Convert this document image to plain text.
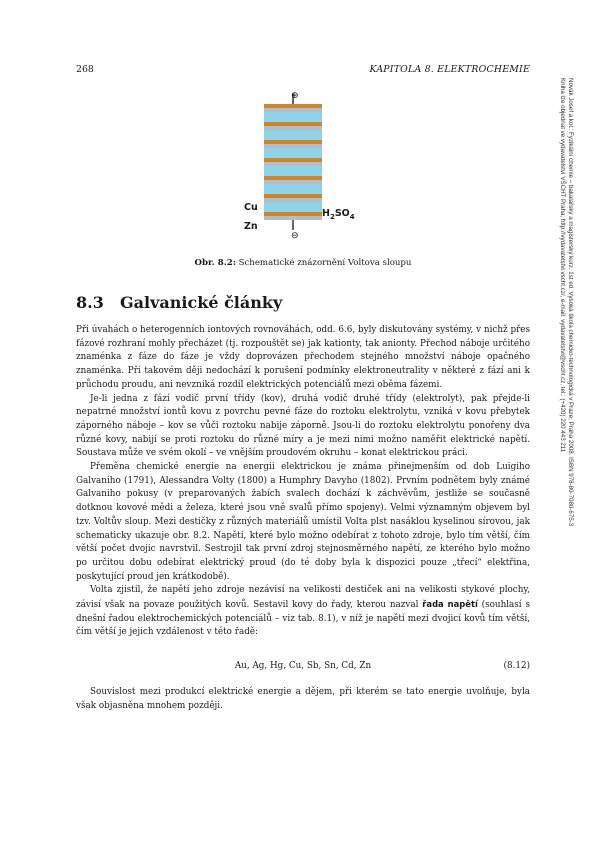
268	KAPITOLA 8. ELEKTROCHEMIE
Novák Josef a kol.: Fyzikální chemie – bakalářský a magisterský kurz. 1st ed. Vysoká škola chemicko-technologická v Praze, Praha 2008. ISBN 978-80-7080-675-3
Kniha lze objednat ve vydavatelství VŠCHT Praha, http://vydavatelstvi.vscht.cz/, e-mail: vydavatelstvi@vscht.cz, tel.: (+420) 220 443 211
⊕
⊖
Cu
Zn
$H_2SO_4$
Obr. 8.2: Schematické znázornění Voltova sloupu
8.3 Galvanické články

Při úvahách o heterogenních iontových rovnováhách, odd. 6.6, byly diskutovány systémy, v nichž přes fázové rozhraní mohly přecházet (tj. rozpouštět se) jak kationty, tak anionty. Přechod náboje určitého znaménka z fáze do fáze je vždy doprovázen přechodem stejného množství náboje opačného znaménka. Při takovém ději nedochází k porušení podmínky elektroneutrality v některé z fází ani k průchodu proudu, ani nevzniká rozdíl elektrických potenciálů mezi oběma fázemi.

Je-li jedna z fází vodič první třídy (kov), druhá vodič druhé třídy (elektrolyt), pak přejde-li nepatrné množství iontů kovu z povrchu pevné fáze do roztoku elektrolytu, vzniká v kovu přebytek záporného náboje – kov se vůči roztoku nabije záporně. Jsou-li do roztoku elektrolytu ponořeny dva různé kovy, nabijí se proti roztoku do různé míry a je mezi nimi možno naměřit elektrické napětí. Soustava může ve svém okolí – ve vnějším proudovém okruhu – konat elektrickou práci.

Přeměna chemické energie na energii elektrickou je známa přinejmenším od dob Luigiho Galvaniho (1791), Alessandra Volty (1800) a Humphry Davyho (1802). Prvním podnětem byly známé Galvaniho pokusy (v preparovaných žabích svalech dochází k záchvěvům, jestliže se současně dotknou kovové mědi a železa, které jsou vně svalů přímo spojeny). Velmi významným objevem byl tzv. Voltův sloup. Mezi destičky z různých materiálů umístil Volta plst nasáklou kyselinou sírovou, jak schematicky ukazuje obr. 8.2. Napětí, které bylo možno odebírat z tohoto zdroje, bylo tím větší, čím větší počet dvojic navrstvil. Sestrojil tak první zdroj stejnosměrného napětí, ze kterého bylo možno po určitou dobu odebírat elektrický proud (do té doby byla k dispozici pouze „třecí“ elektřina, poskytující proud jen krátkodobě).

Volta zjistil, že napětí jeho zdroje nezávisí na velikosti destiček ani na velikosti stykové plochy, závisí však na povaze použitých kovů. Sestavil kovy do řady, kterou nazval řada napětí (souhlasí s dnešní řadou elektrochemických potenciálů – viz tab. 8.1), v níž je napětí mezi dvojicí kovů tím větší, čím větší je jejich vzdálenost v této řadě:

Au, Ag, Hg, Cu, Sb, Sn, Cd, Zn	(8.12)

Souvislost mezi produkcí elektrické energie a dějem, při kterém se tato energie uvolňuje, byla však objasněna mnohem později.
